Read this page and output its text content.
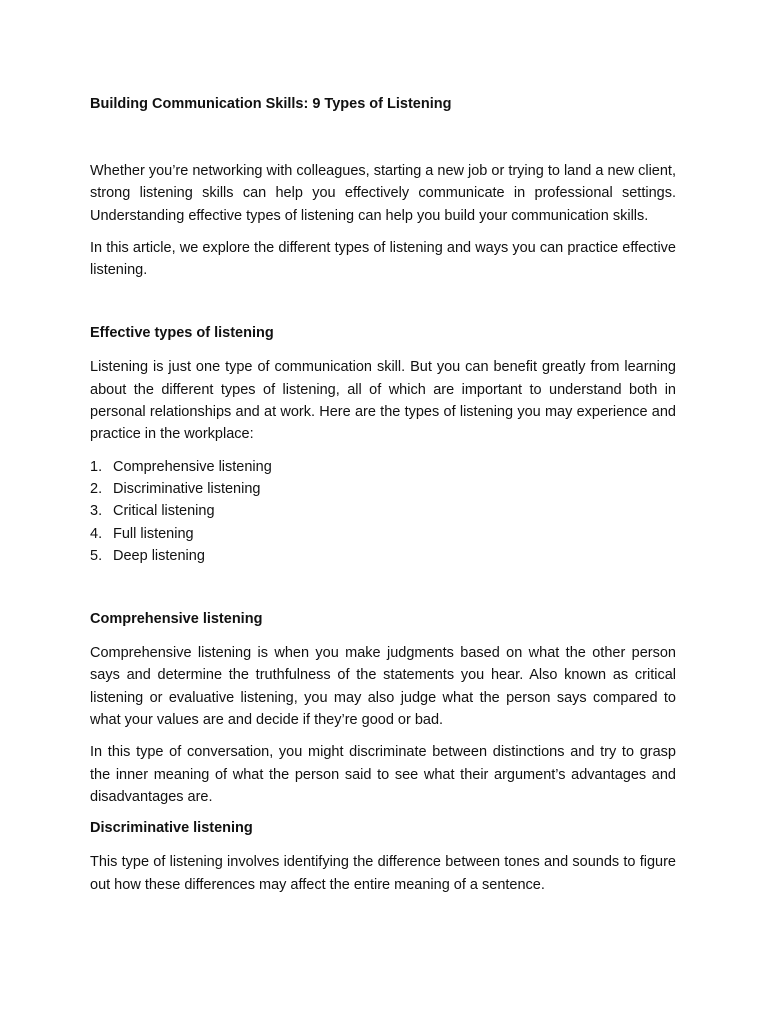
Building Communication Skills: 9 Types of Listening

Whether you’re networking with colleagues, starting a new job or trying to land a new client, strong listening skills can help you effectively communicate in professional settings. Understanding effective types of listening can help you build your communication skills.

In this article, we explore the different types of listening and ways you can practice effective listening.

Effective types of listening

Listening is just one type of communication skill. But you can benefit greatly from learning about the different types of listening, all of which are important to understand both in personal relationships and at work. Here are the types of listening you may experience and practice in the workplace:

1. Comprehensive listening
2. Discriminative listening
3. Critical listening
4. Full listening
5. Deep listening
Comprehensive listening

Comprehensive listening is when you make judgments based on what the other person says and determine the truthfulness of the statements you hear. Also known as critical listening or evaluative listening, you may also judge what the person says compared to what your values are and decide if they’re good or bad.

In this type of conversation, you might discriminate between distinctions and try to grasp the inner meaning of what the person said to see what their argument’s advantages and disadvantages are.

Discriminative listening

This type of listening involves identifying the difference between tones and sounds to figure out how these differences may affect the entire meaning of a sentence.
